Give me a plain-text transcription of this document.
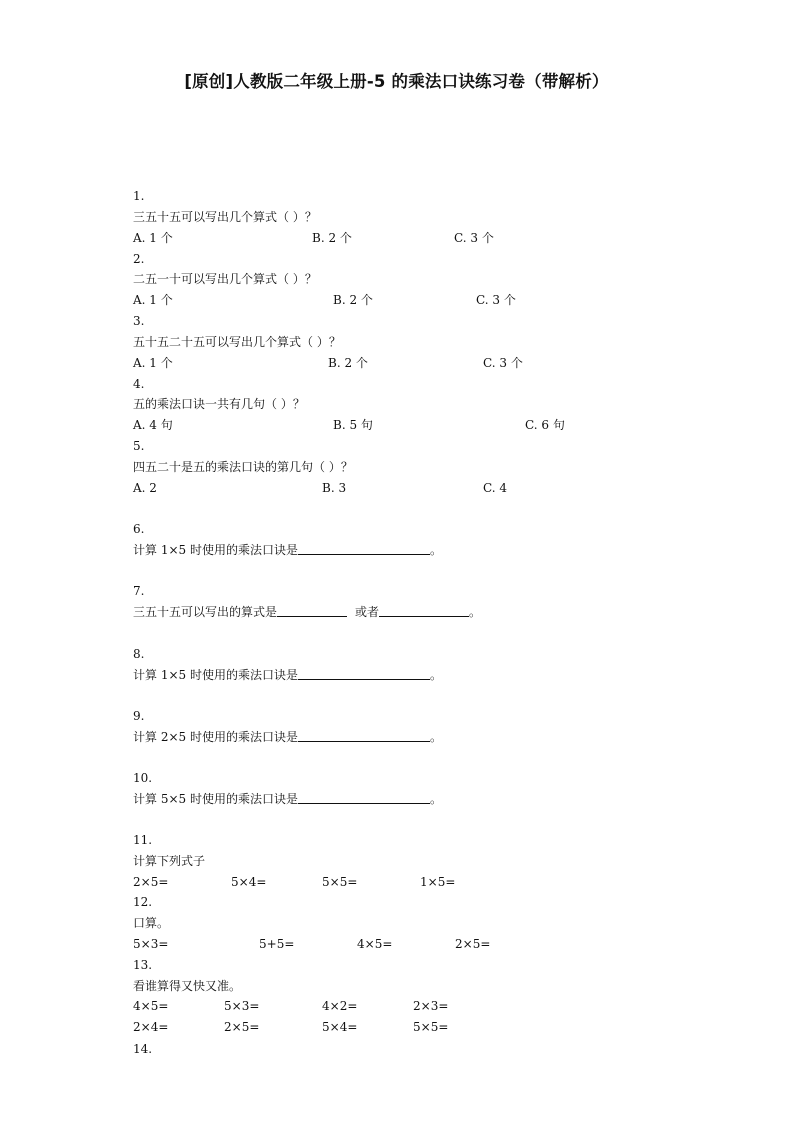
[原创]人教版二年级上册-5 的乘法口诀练习卷（带解析）
1.
三五十五可以写出几个算式（ ）？
A. 1 个	B. 2 个	C. 3 个
2.
二五一十可以写出几个算式（ ）？
A. 1 个	B. 2 个	C. 3 个
3.
五十五二十五可以写出几个算式（ ）？
A. 1 个	B. 2 个	C. 3 个
4.
五的乘法口诀一共有几句（ ）？
A. 4 句	B. 5 句	C. 6 句
5.
四五二十是五的乘法口诀的第几句（ ）？
A. 2	B. 3	C. 4
6.
计算 1×5 时使用的乘法口诀是	。
7.
三五十五可以写出的算式是	或者	。
8.
计算 1×5 时使用的乘法口诀是	。
9.
计算 2×5 时使用的乘法口诀是	。
10.
计算 5×5 时使用的乘法口诀是	。
11.
计算下列式子
2×5=	5×4=	5×5=	1×5=
12.
口算。
5×3=	5+5=	4×5=	2×5=
13.
看谁算得又快又准。
4×5=	5×3=	4×2=	2×3=
2×4=	2×5=	5×4=	5×5=
14.
